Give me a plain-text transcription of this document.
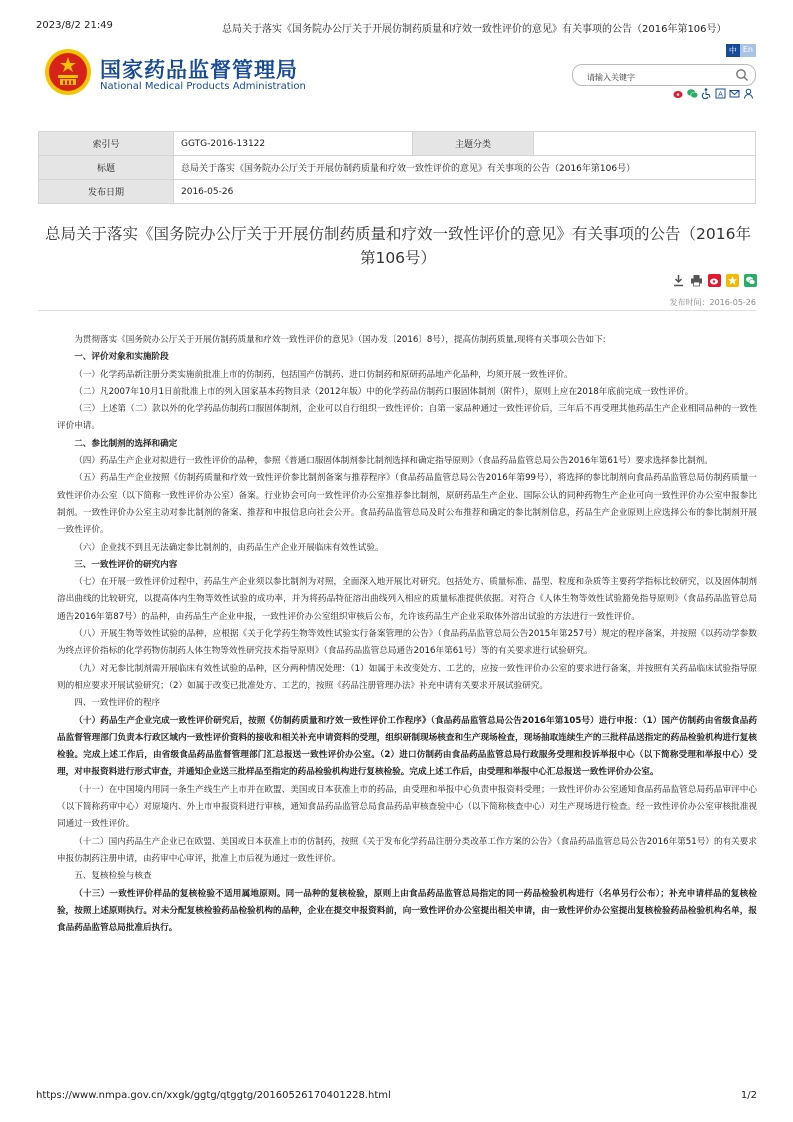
2023/8/2 21:49	总局关于落实《国务院办公厅关于开展仿制药质量和疗效一致性评价的意见》有关事项的公告（2016年第106号）
国家药品监督管理局
National Medical Products Administration
中 En
请输入关键字
A
索引号	GGTG-2016-13122	主题分类	
标题	总局关于落实《国务院办公厅关于开展仿制药质量和疗效一致性评价的意见》有关事项的公告（2016年第106号）		
发布日期	2016-05-26		
总局关于落实《国务院办公厅关于开展仿制药质量和疗效一致性评价的意见》有关事项的公告（2016年第106号）
发布时间：2016-05-26

为贯彻落实《国务院办公厅关于开展仿制药质量和疗效一致性评价的意见》（国办发〔2016〕8号），提高仿制药质量,现将有关事项公告如下:

一、评价对象和实施阶段

（一）化学药品新注册分类实施前批准上市的仿制药，包括国产仿制药、进口仿制药和原研药品地产化品种，均须开展一致性评价。

（二）凡2007年10月1日前批准上市的列入国家基本药物目录（2012年版）中的化学药品仿制药口服固体制剂（附件），原则上应在2018年底前完成一致性评价。

（三）上述第（二）款以外的化学药品仿制药口服固体制剂，企业可以自行组织一致性评价；自第一家品种通过一致性评价后，三年后不再受理其他药品生产企业相同品种的一致性评价申请。

二、参比制剂的选择和确定

（四）药品生产企业对拟进行一致性评价的品种，参照《普通口服固体制剂参比制剂选择和确定指导原则》（食品药品监管总局公告2016年第61号）要求选择参比制剂。

（五）药品生产企业按照《仿制药质量和疗效一致性评价参比制剂备案与推荐程序》（食品药品监管总局公告2016年第99号），将选择的参比制剂向食品药品监管总局仿制药质量一致性评价办公室（以下简称一致性评价办公室）备案。行业协会可向一致性评价办公室推荐参比制剂，原研药品生产企业、国际公认的同种药物生产企业可向一致性评价办公室申报参比制剂。一致性评价办公室主动对参比制剂的备案、推荐和申报信息向社会公开。食品药品监管总局及时公布推荐和确定的参比制剂信息，药品生产企业原则上应选择公布的参比制剂开展一致性评价。

（六）企业找不到且无法确定参比制剂的，由药品生产企业开展临床有效性试验。

三、一致性评价的研究内容

（七）在开展一致性评价过程中，药品生产企业须以参比制剂为对照，全面深入地开展比对研究。包括处方、质量标准、晶型、粒度和杂质等主要药学指标比较研究，以及固体制剂溶出曲线的比较研究，以提高体内生物等效性试验的成功率，并为将药品特征溶出曲线列入相应的质量标准提供依据。对符合《人体生物等效性试验豁免指导原则》（食品药品监管总局通告2016年第87号）的品种，由药品生产企业申报，一致性评价办公室组织审核后公布，允许该药品生产企业采取体外溶出试验的方法进行一致性评价。

（八）开展生物等效性试验的品种，应根据《关于化学药生物等效性试验实行备案管理的公告》（食品药品监管总局公告2015年第257号）规定的程序备案，并按照《以药动学参数为终点评价指标的化学药物仿制药人体生物等效性研究技术指导原则》（食品药品监管总局通告2016年第61号）等的有关要求进行试验研究。

（九）对无参比制剂需开展临床有效性试验的品种，区分两种情况处理：（1）如属于未改变处方、工艺的，应按一致性评价办公室的要求进行备案，并按照有关药品临床试验指导原则的相应要求开展试验研究；（2）如属于改变已批准处方、工艺的，按照《药品注册管理办法》补充申请有关要求开展试验研究。

四、一致性评价的程序

（十）药品生产企业完成一致性评价研究后，按照《仿制药质量和疗效一致性评价工作程序》（食品药品监管总局公告2016年第105号）进行申报：（1）国产仿制药由省级食品药品监督管理部门负责本行政区域内一致性评价资料的接收和相关补充申请资料的受理，组织研制现场核查和生产现场检查，现场抽取连续生产的三批样品送指定的药品检验机构进行复核检验。完成上述工作后，由省级食品药品监督管理部门汇总报送一致性评价办公室。（2）进口仿制药由食品药品监管总局行政服务受理和投诉举报中心（以下简称受理和举报中心）受理，对申报资料进行形式审查，并通知企业送三批样品至指定的药品检验机构进行复核检验。完成上述工作后，由受理和举报中心汇总报送一致性评价办公室。

（十一）在中国境内用同一条生产线生产上市并在欧盟、美国或日本获准上市的药品，由受理和举报中心负责申报资料受理；一致性评价办公室通知食品药品监管总局药品审评中心（以下简称药审中心）对原境内、外上市申报资料进行审核，通知食品药品监管总局食品药品审核查验中心（以下简称核查中心）对生产现场进行检查。经一致性评价办公室审核批准视同通过一致性评价。

（十二）国内药品生产企业已在欧盟、美国或日本获准上市的仿制药，按照《关于发布化学药品注册分类改革工作方案的公告》（食品药品监管总局公告2016年第51号）的有关要求申报仿制药注册申请，由药审中心审评，批准上市后视为通过一致性评价。

五、复核检验与核查

（十三）一致性评价样品的复核检验不适用属地原则。同一品种的复核检验，原则上由食品药品监管总局指定的同一药品检验机构进行（名单另行公布）；补充申请样品的复核检验，按照上述原则执行。对未分配复核检验药品检验机构的品种，企业在提交申报资料前，向一致性评价办公室提出相关申请，由一致性评价办公室提出复核检验药品检验机构名单，报食品药品监管总局批准后执行。

https://www.nmpa.gov.cn/xxgk/ggtg/qtggtg/20160526170401228.html	1/2
